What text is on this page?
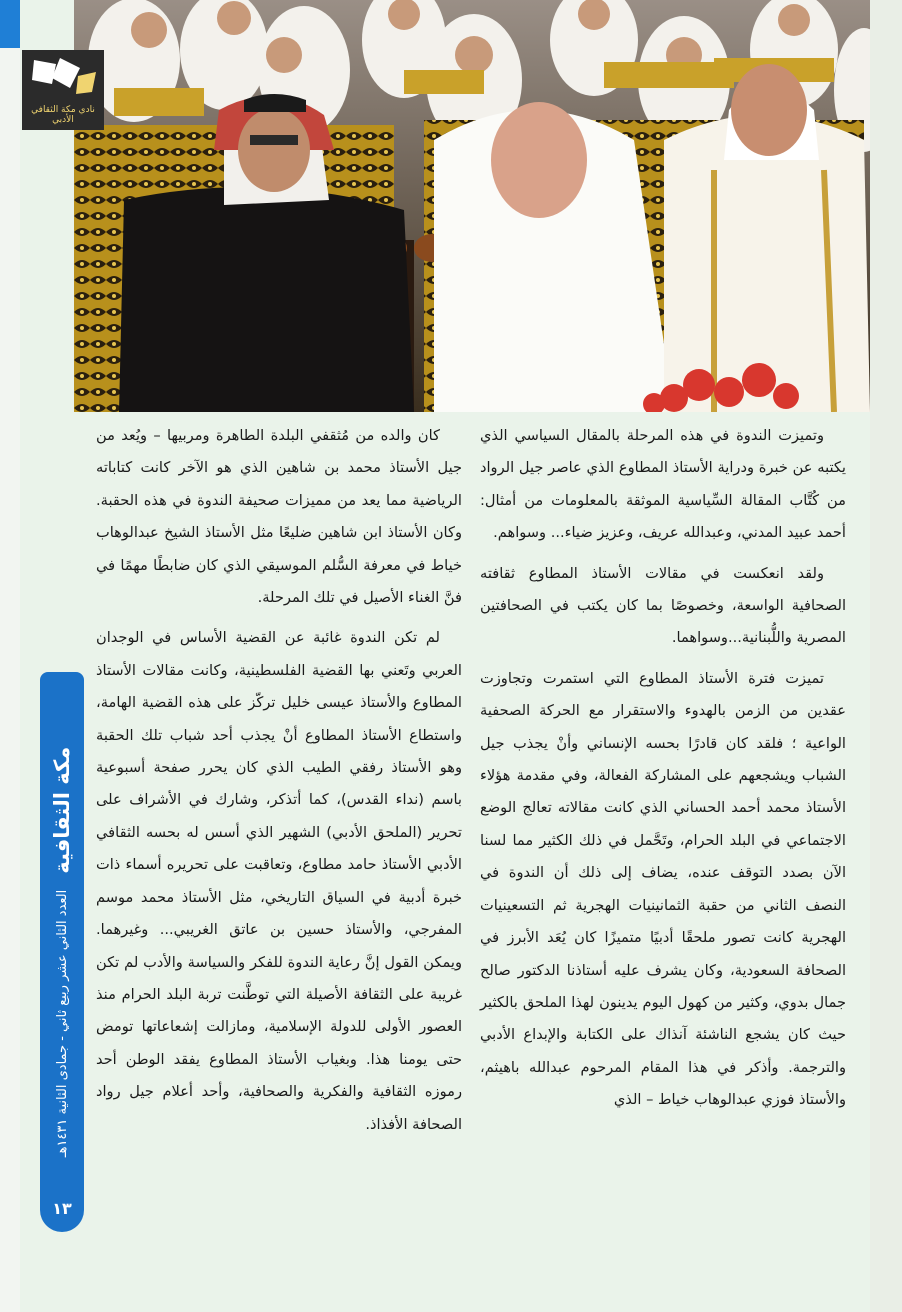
نادي مكة الثقافي الأدبي
مكة الثقافية
العدد الثاني عشر ربيع ثاني - جمادى الثانية ١٤٣١هـ
١٣

وتميزت الندوة في هذه المرحلة بالمقال السياسي الذي يكتبه عن خبرة ودراية الأستاذ المطاوع الذي عاصر جيل الرواد من كُتَّاب المقالة السِّياسية الموثقة بالمعلومات من أمثال: أحمد عبيد المدني، وعبدالله عريف، وعزيز ضياء... وسواهم.

ولقد انعكست في مقالات الأستاذ المطاوع ثقافته الصحافية الواسعة، وخصوصًا بما كان يكتب في الصحافتين المصرية واللُّبنانية...وسواهما.

تميزت فترة الأستاذ المطاوع التي استمرت وتجاوزت عقدين من الزمن بالهدوء والاستقرار مع الحركة الصحفية الواعية ؛ فلقد كان قادرًا بحسه الإنساني وأنْ يجذب جيل الشباب ويشجعهم على المشاركة الفعالة، وفي مقدمة هؤلاء الأستاذ محمد أحمد الحساني الذي كانت مقالاته تعالج الوضع الاجتماعي في البلد الحرام، وتَحَّمل في ذلك الكثير مما لسنا الآن بصدد التوقف عنده، يضاف إلى ذلك أن الندوة في النصف الثاني من حقبة الثمانينيات الهجرية ثم التسعينيات الهجرية كانت تصور ملحقًا أدبيًا متميزًا كان يُعَد الأبرز في الصحافة السعودية، وكان يشرف عليه أستاذنا الدكتور صالح جمال بدوي، وكثير من كهول اليوم يدينون لهذا الملحق بالكثير حيث كان يشجع الناشئة آنذاك على الكتابة والإبداع الأدبي والترجمة. وأذكر في هذا المقام المرحوم عبدالله باهيثم، والأستاذ فوزي عبدالوهاب خياط – الذي

كان والده من مُثقفي البلدة الطاهرة ومربيها – ويُعد من جيل الأستاذ محمد بن شاهين الذي هو الآخر كانت كتاباته الرياضية مما يعد من مميزات صحيفة الندوة في هذه الحقبة. وكان الأستاذ ابن شاهين ضليعًا مثل الأستاذ الشيخ عبدالوهاب خياط في معرفة السُّلم الموسيقي الذي كان ضابطًا مهمًا في فنَّ الغناء الأصيل في تلك المرحلة.

لم تكن الندوة غائبة عن القضية الأساس في الوجدان العربي وتَعني بها القضية الفلسطينية، وكانت مقالات الأستاذ المطاوع والأستاذ عيسى خليل تركّز على هذه القضية الهامة، واستطاع الأستاذ المطاوع أنْ يجذب أحد شباب تلك الحقبة وهو الأستاذ رفقي الطيب الذي كان يحرر صفحة أسبوعية باسم (نداء القدس)، كما أتذكر، وشارك في الأشراف على تحرير (الملحق الأدبي) الشهير الذي أسس له بحسه الثقافي الأدبي الأستاذ حامد مطاوع، وتعاقبت على تحريره أسماء ذات خبرة أدبية في السياق التاريخي، مثل الأستاذ محمد موسم المفرجي، والأستاذ حسين بن عاتق الغريبي... وغيرهما. ويمكن القول إنَّ رعاية الندوة للفكر والسياسة والأدب لم تكن غريبة على الثقافة الأصيلة التي توطَّنت تربة البلد الحرام منذ العصور الأولى للدولة الإسلامية، ومازالت إشعاعاتها تومض حتى يومنا هذا. وبغياب الأستاذ المطاوع يفقد الوطن أحد رموزه الثقافية والفكرية والصحافية، وأحد أعلام جيل رواد الصحافة الأفذاذ.
